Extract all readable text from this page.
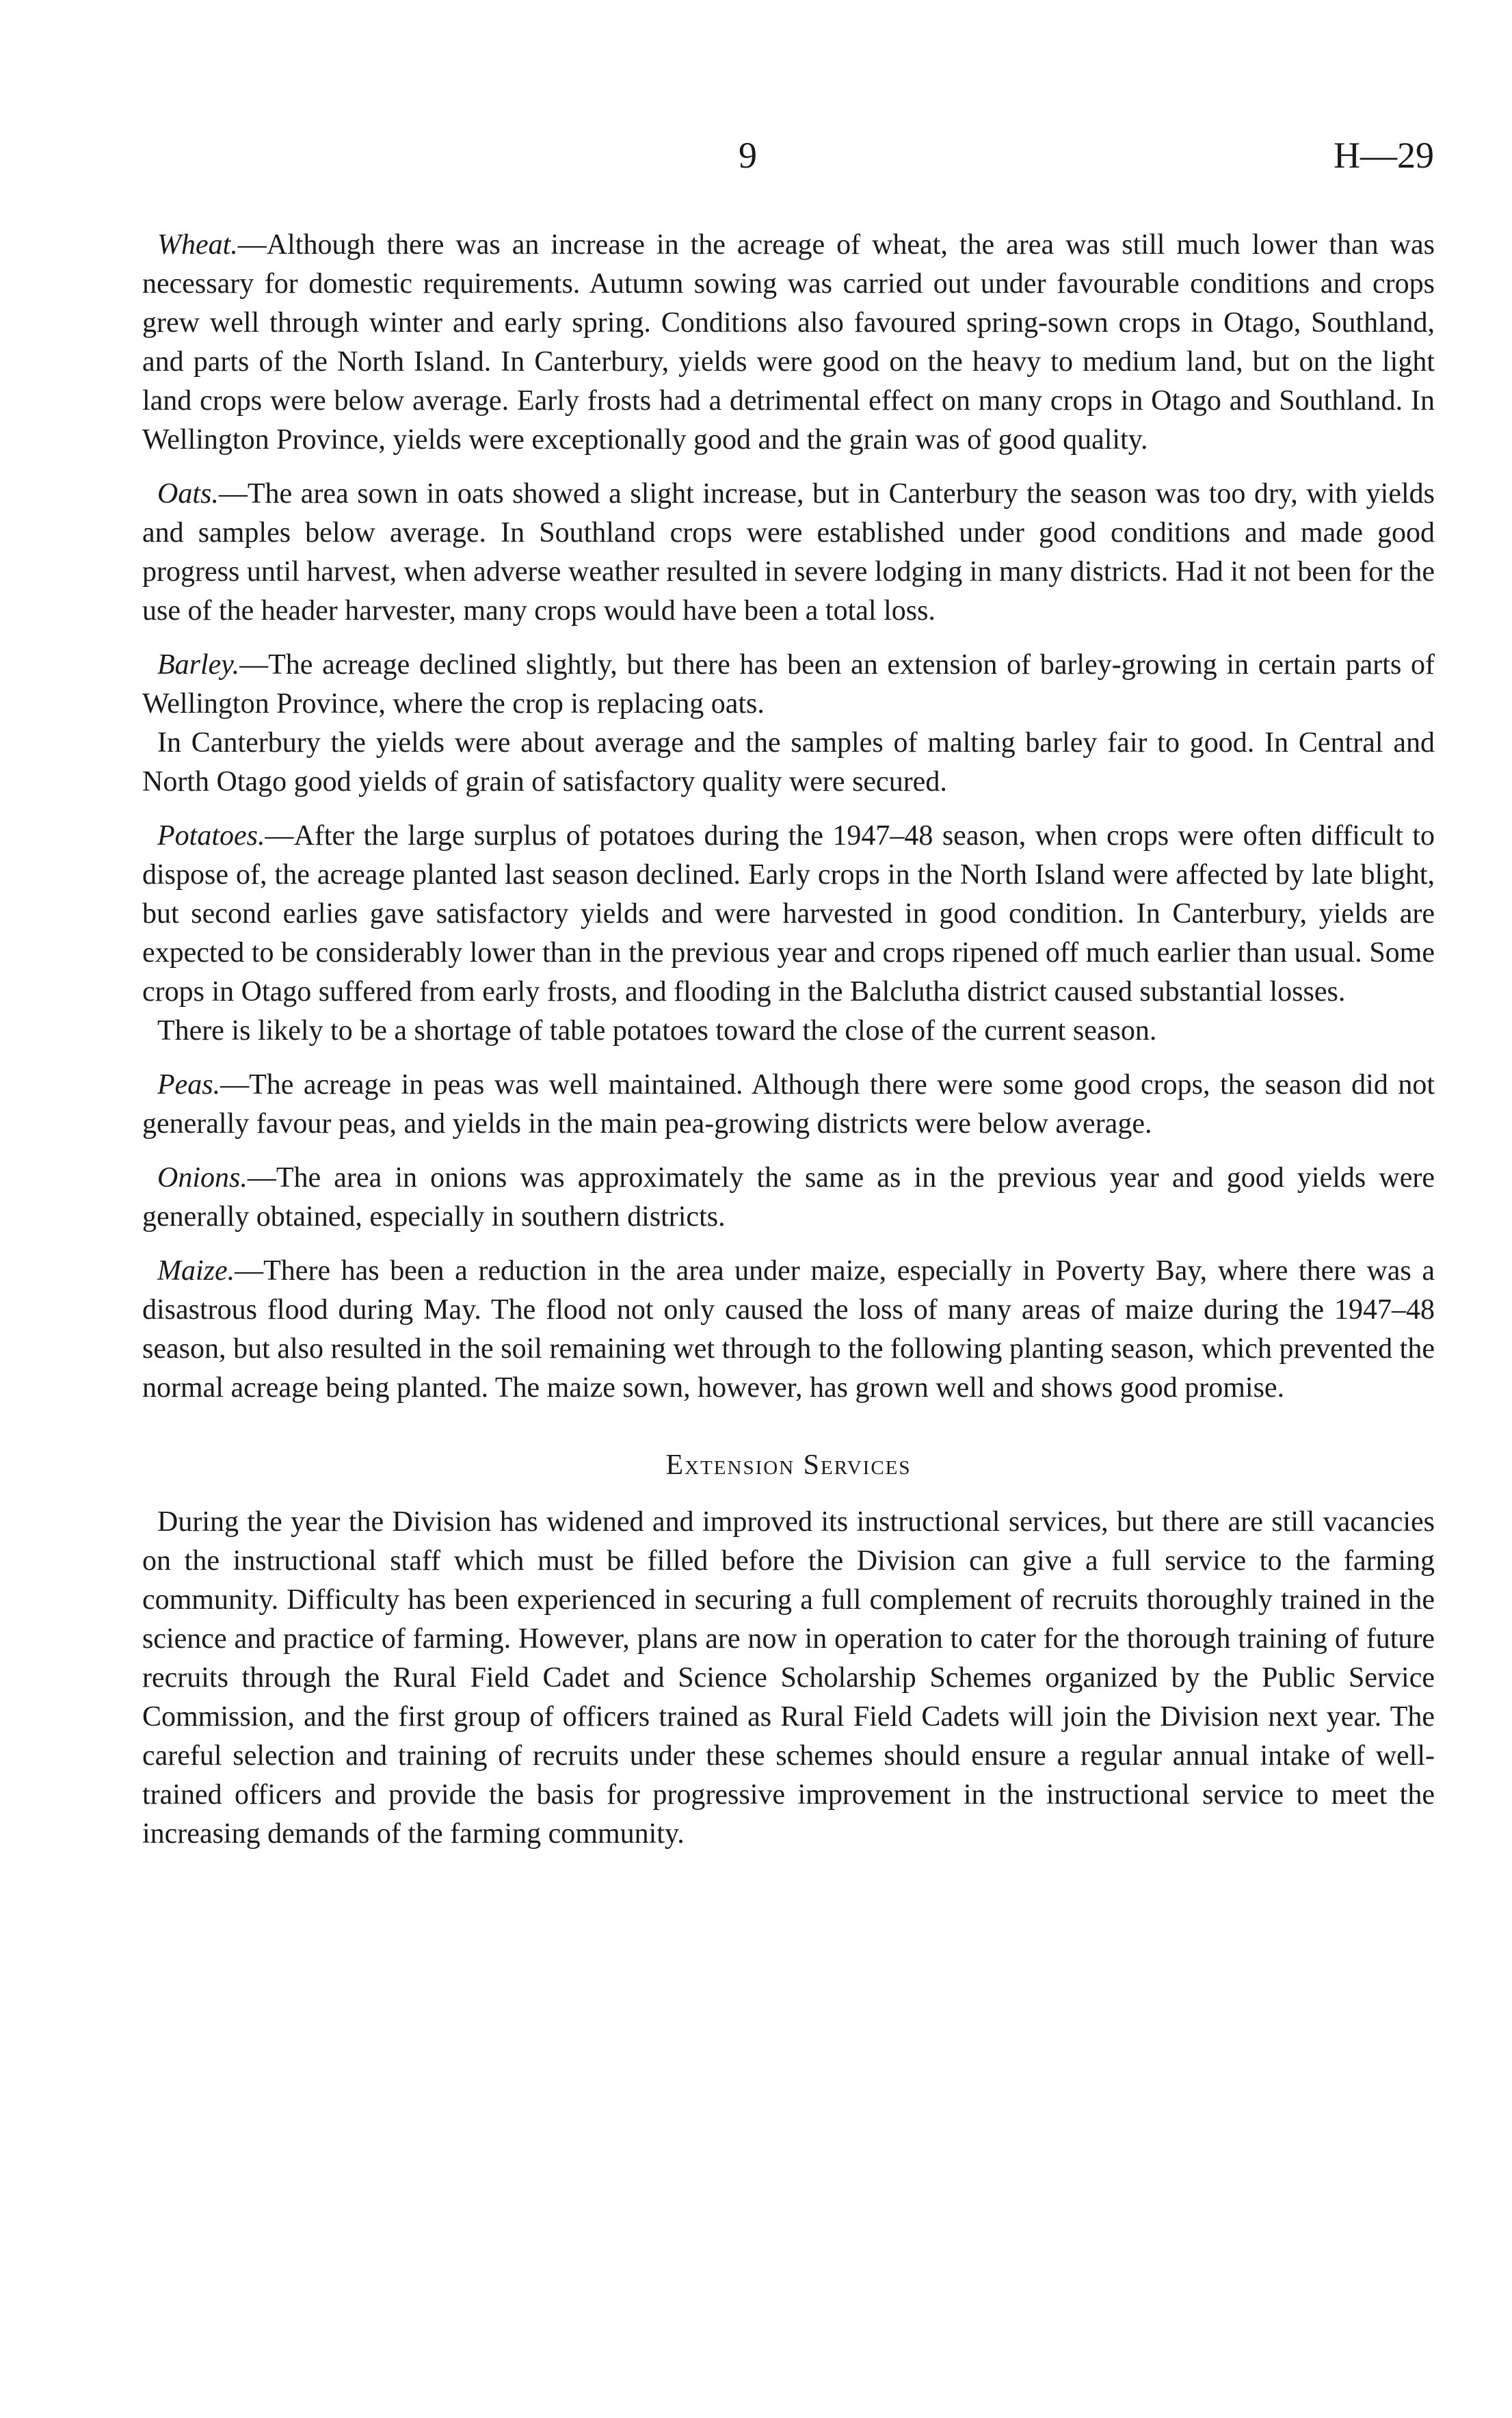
9	H—29

Wheat.—Although there was an increase in the acreage of wheat, the area was still much lower than was necessary for domestic requirements. Autumn sowing was carried out under favourable conditions and crops grew well through winter and early spring. Conditions also favoured spring-sown crops in Otago, Southland, and parts of the North Island. In Canterbury, yields were good on the heavy to medium land, but on the light land crops were below average. Early frosts had a detrimental effect on many crops in Otago and Southland. In Wellington Province, yields were exceptionally good and the grain was of good quality.

Oats.—The area sown in oats showed a slight increase, but in Canterbury the season was too dry, with yields and samples below average. In Southland crops were established under good conditions and made good progress until harvest, when adverse weather resulted in severe lodging in many districts. Had it not been for the use of the header harvester, many crops would have been a total loss.

Barley.—The acreage declined slightly, but there has been an extension of barley-growing in certain parts of Wellington Province, where the crop is replacing oats.

In Canterbury the yields were about average and the samples of malting barley fair to good. In Central and North Otago good yields of grain of satisfactory quality were secured.

Potatoes.—After the large surplus of potatoes during the 1947–48 season, when crops were often difficult to dispose of, the acreage planted last season declined. Early crops in the North Island were affected by late blight, but second earlies gave satisfactory yields and were harvested in good condition. In Canterbury, yields are expected to be considerably lower than in the previous year and crops ripened off much earlier than usual. Some crops in Otago suffered from early frosts, and flooding in the Balclutha district caused substantial losses.

There is likely to be a shortage of table potatoes toward the close of the current season.

Peas.—The acreage in peas was well maintained. Although there were some good crops, the season did not generally favour peas, and yields in the main pea-growing districts were below average.

Onions.—The area in onions was approximately the same as in the previous year and good yields were generally obtained, especially in southern districts.

Maize.—There has been a reduction in the area under maize, especially in Poverty Bay, where there was a disastrous flood during May. The flood not only caused the loss of many areas of maize during the 1947–48 season, but also resulted in the soil remaining wet through to the following planting season, which prevented the normal acreage being planted. The maize sown, however, has grown well and shows good promise.

Extension Services

During the year the Division has widened and improved its instructional services, but there are still vacancies on the instructional staff which must be filled before the Division can give a full service to the farming community. Difficulty has been experienced in securing a full complement of recruits thoroughly trained in the science and practice of farming. However, plans are now in operation to cater for the thorough training of future recruits through the Rural Field Cadet and Science Scholarship Schemes organized by the Public Service Commission, and the first group of officers trained as Rural Field Cadets will join the Division next year. The careful selection and training of recruits under these schemes should ensure a regular annual intake of well-trained officers and provide the basis for progressive improvement in the instructional service to meet the increasing demands of the farming community.
